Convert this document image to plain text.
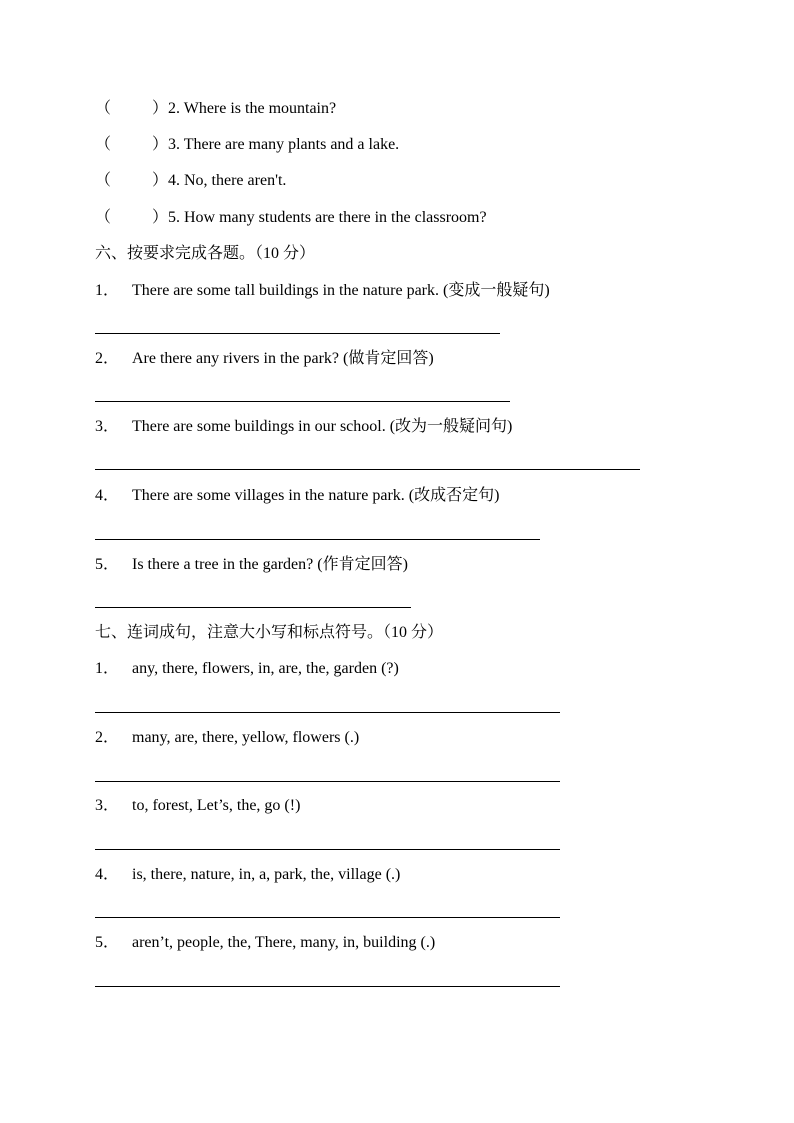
（	） 2. Where is the mountain?
（	） 3. There are many plants and a lake.
（	） 4. No, there aren't.
（	） 5. How many students are there in the classroom?
六、按要求完成各题。（10 分）
1． There are some tall buildings in the nature park. (变成一般疑句)
2． Are there any rivers in the park? (做肯定回答)
3． There are some buildings in our school. (改为一般疑问句)
4． There are some villages in the nature park. (改成否定句)
5． Is there a tree in the garden? (作肯定回答)
七、连词成句，注意大小写和标点符号。（10 分）
1． any, there, flowers, in, are, the, garden (?)
2． many, are, there, yellow, flowers (.)
3． to, forest, Let’s, the, go (!)
4． is, there, nature, in, a, park, the, village (.)
5． aren’t, people, the, There, many, in, building (.)
